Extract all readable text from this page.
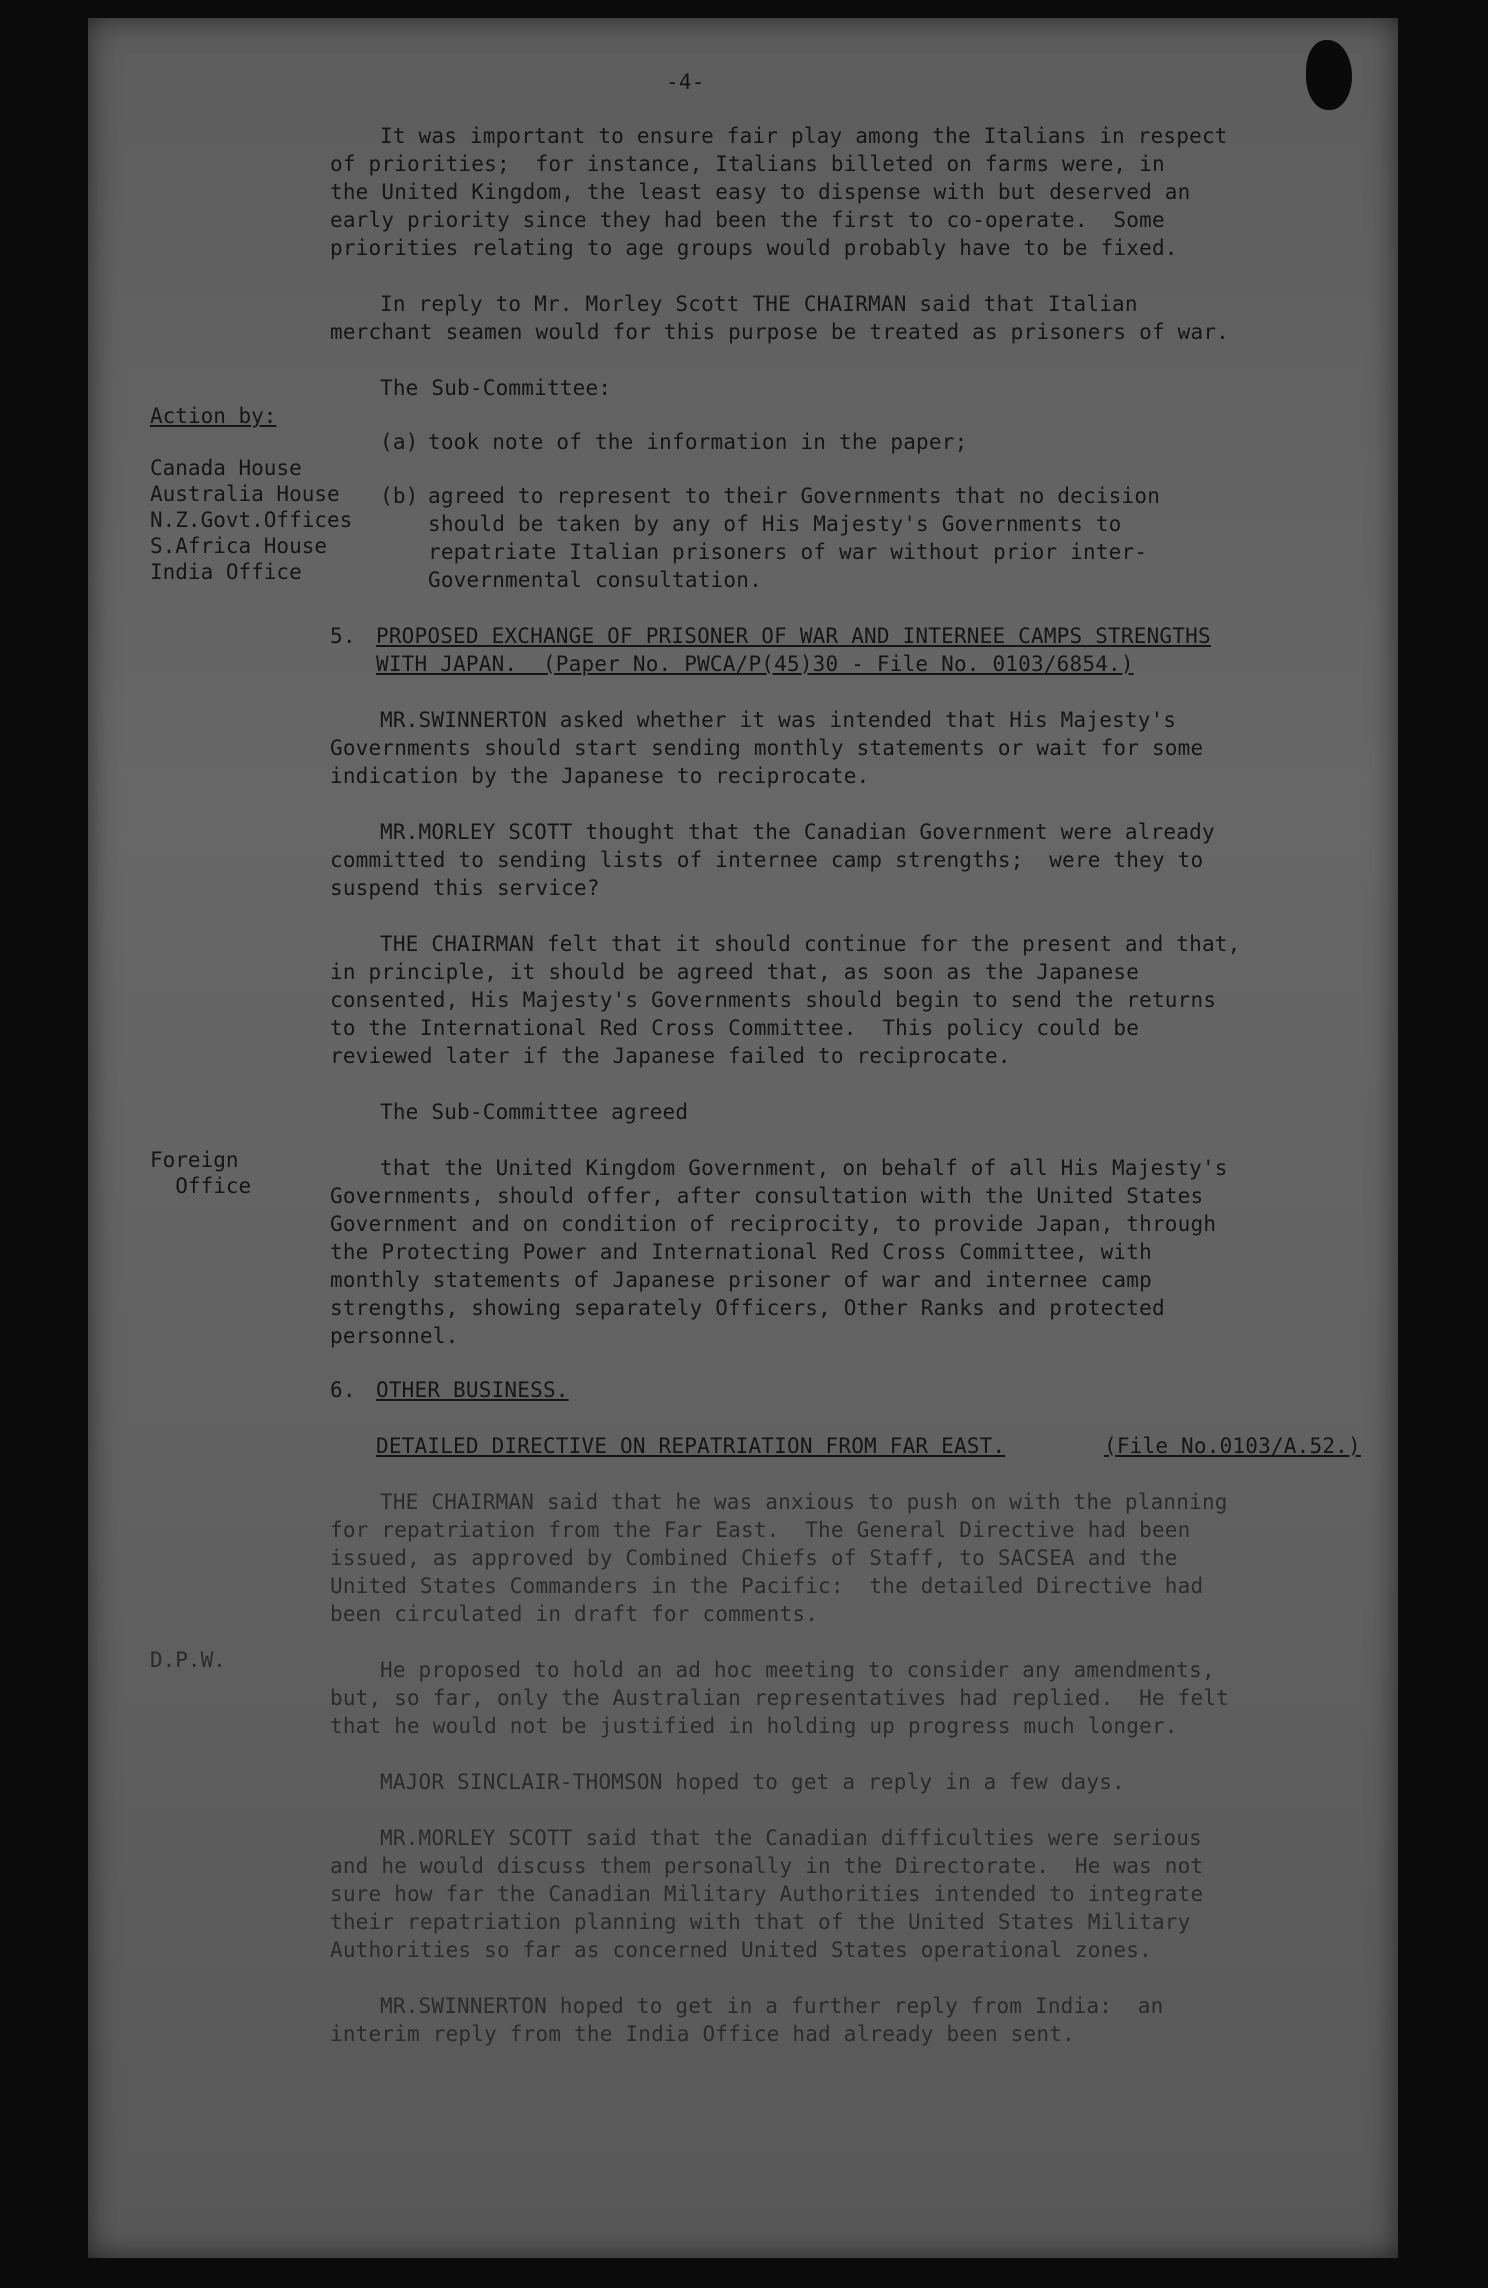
-4-
It was important to ensure fair play among the Italians in respect
of priorities;  for instance, Italians billeted on farms were, in
the United Kingdom, the least easy to dispense with but deserved an
early priority since they had been the first to co-operate.  Some
priorities relating to age groups would probably have to be fixed.
In reply to Mr. Morley Scott THE CHAIRMAN said that Italian
merchant seamen would for this purpose be treated as prisoners of war.
The Sub-Committee:
Action by:
Canada House
Australia House
N.Z.Govt.Offices
S.Africa House
India Office
(a) took note of the information in the paper;
(b) agreed to represent to their Governments that no decision
should be taken by any of His Majesty's Governments to
repatriate Italian prisoners of war without prior inter-
Governmental consultation.
5. PROPOSED EXCHANGE OF PRISONER OF WAR AND INTERNEE CAMPS STRENGTHS
WITH JAPAN.  (Paper No. PWCA/P(45)30 - File No. 0103/6854.)
MR.SWINNERTON asked whether it was intended that His Majesty's
Governments should start sending monthly statements or wait for some
indication by the Japanese to reciprocate.
MR.MORLEY SCOTT thought that the Canadian Government were already
committed to sending lists of internee camp strengths;  were they to
suspend this service?
THE CHAIRMAN felt that it should continue for the present and that,
in principle, it should be agreed that, as soon as the Japanese
consented, His Majesty's Governments should begin to send the returns
to the International Red Cross Committee.  This policy could be
reviewed later if the Japanese failed to reciprocate.
The Sub-Committee agreed
Foreign
Office
that the United Kingdom Government, on behalf of all His Majesty's
Governments, should offer, after consultation with the United States
Government and on condition of reciprocity, to provide Japan, through
the Protecting Power and International Red Cross Committee, with
monthly statements of Japanese prisoner of war and internee camp
strengths, showing separately Officers, Other Ranks and protected
personnel.
6. OTHER BUSINESS.
DETAILED DIRECTIVE ON REPATRIATION FROM FAR EAST.	(File No.0103/A.52.)
THE CHAIRMAN said that he was anxious to push on with the planning
for repatriation from the Far East.  The General Directive had been
issued, as approved by Combined Chiefs of Staff, to SACSEA and the
United States Commanders in the Pacific:  the detailed Directive had
been circulated in draft for comments.
D.P.W.	He proposed to hold an ad hoc meeting to consider any amendments,
but, so far, only the Australian representatives had replied.  He felt
that he would not be justified in holding up progress much longer.
MAJOR SINCLAIR-THOMSON hoped to get a reply in a few days.
MR.MORLEY SCOTT said that the Canadian difficulties were serious
and he would discuss them personally in the Directorate.  He was not
sure how far the Canadian Military Authorities intended to integrate
their repatriation planning with that of the United States Military
Authorities so far as concerned United States operational zones.
MR.SWINNERTON hoped to get in a further reply from India:  an
interim reply from the India Office had already been sent.
